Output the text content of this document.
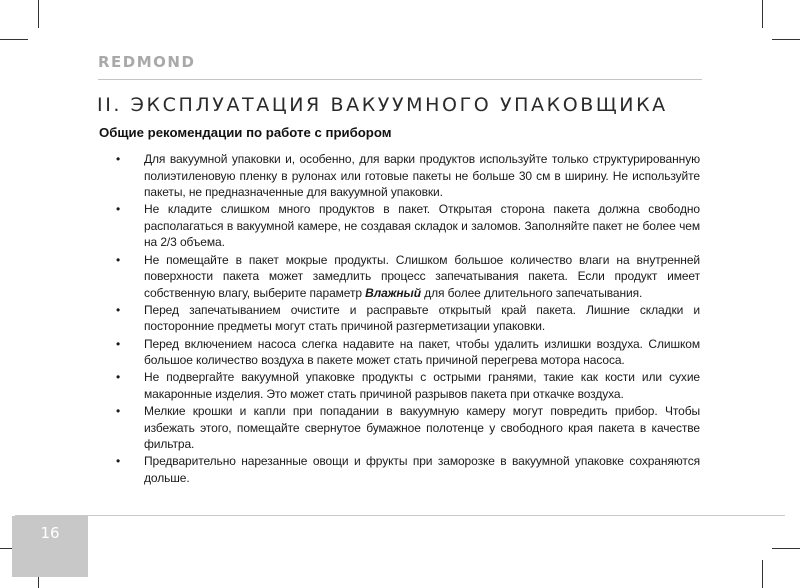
REDMOND
II. ЭКСПЛУАТАЦИЯ ВАКУУМНОГО УПАКОВЩИКА
Общие рекомендации по работе с прибором
• Для вакуумной упаковки и, особенно, для варки продуктов используйте только структурированную полиэтиленовую пленку в рулонах или готовые пакеты не больше 30 см в ширину. Не используйте пакеты, не предназначенные для вакуумной упаковки.
• Не кладите слишком много продуктов в пакет. Открытая сторона пакета должна свободно располагаться в вакуумной камере, не создавая складок и заломов. Заполняйте пакет не более чем на 2/3 объема.
• Не помещайте в пакет мокрые продукты. Слишком большое количество влаги на внутренней поверхности пакета может замедлить процесс запечатывания пакета. Если продукт имеет собственную влагу, выберите параметр Влажный для более длительного запечатывания.
• Перед запечатыванием очистите и расправьте открытый край пакета. Лишние складки и посторонние предметы могут стать причиной разгерметизации упаковки.
• Перед включением насоса слегка надавите на пакет, чтобы удалить излишки воздуха. Слишком большое количество воздуха в пакете может стать причиной перегрева мотора насоса.
• Не подвергайте вакуумной упаковке продукты с острыми гранями, такие как кости или сухие макаронные изделия. Это может стать причиной разрывов пакета при откачке воздуха.
• Мелкие крошки и капли при попадании в вакуумную камеру могут повредить прибор. Чтобы избежать этого, помещайте свернутое бумажное полотенце у свободного края пакета в качестве фильтра.
• Предварительно нарезанные овощи и фрукты при заморозке в вакуумной упаковке сохраняются дольше.
16
